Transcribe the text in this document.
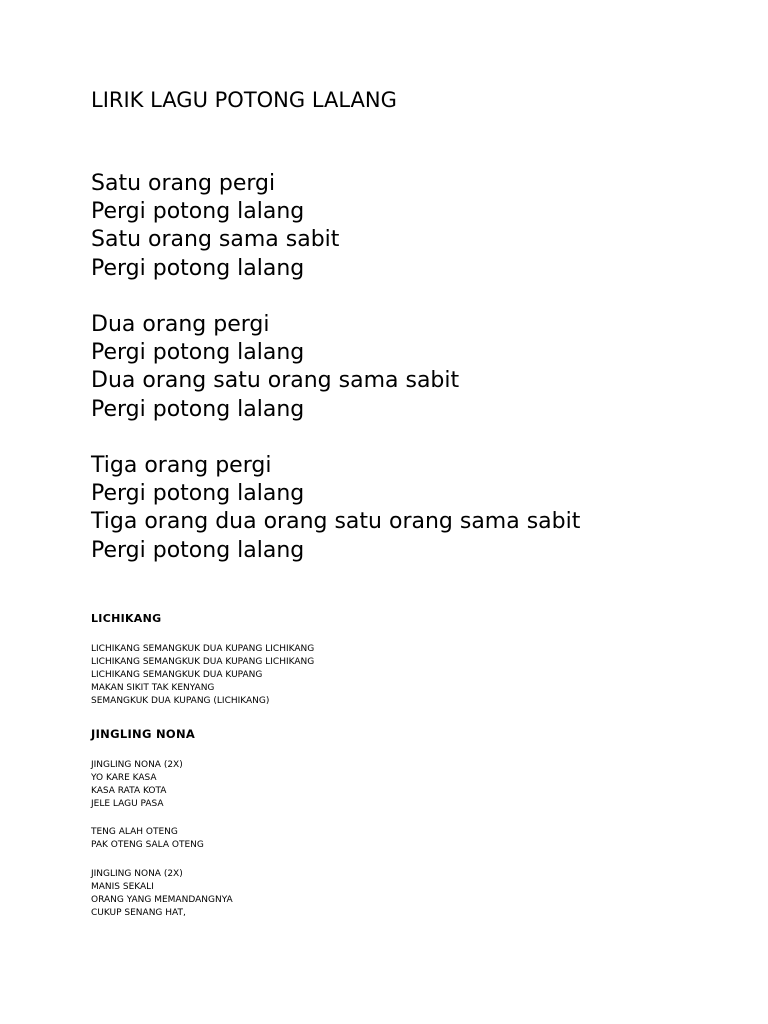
LIRIK LAGU POTONG LALANG
Satu orang pergi
Pergi potong lalang
Satu orang sama sabit
Pergi potong lalang
Dua orang pergi
Pergi potong lalang
Dua orang satu orang sama sabit
Pergi potong lalang
Tiga orang pergi
Pergi potong lalang
Tiga orang dua orang satu orang sama sabit
Pergi potong lalang
LICHIKANG
LICHIKANG SEMANGKUK DUA KUPANG LICHIKANG
LICHIKANG SEMANGKUK DUA KUPANG LICHIKANG
LICHIKANG SEMANGKUK DUA KUPANG
MAKAN SIKIT TAK KENYANG
SEMANGKUK DUA KUPANG (LICHIKANG)
JINGLING NONA
JINGLING NONA (2X)
YO KARE KASA
KASA RATA KOTA
JELE LAGU PASA
TENG ALAH OTENG
PAK OTENG SALA OTENG
JINGLING NONA (2X)
MANIS SEKALI
ORANG YANG MEMANDANGNYA
CUKUP SENANG HAT,
